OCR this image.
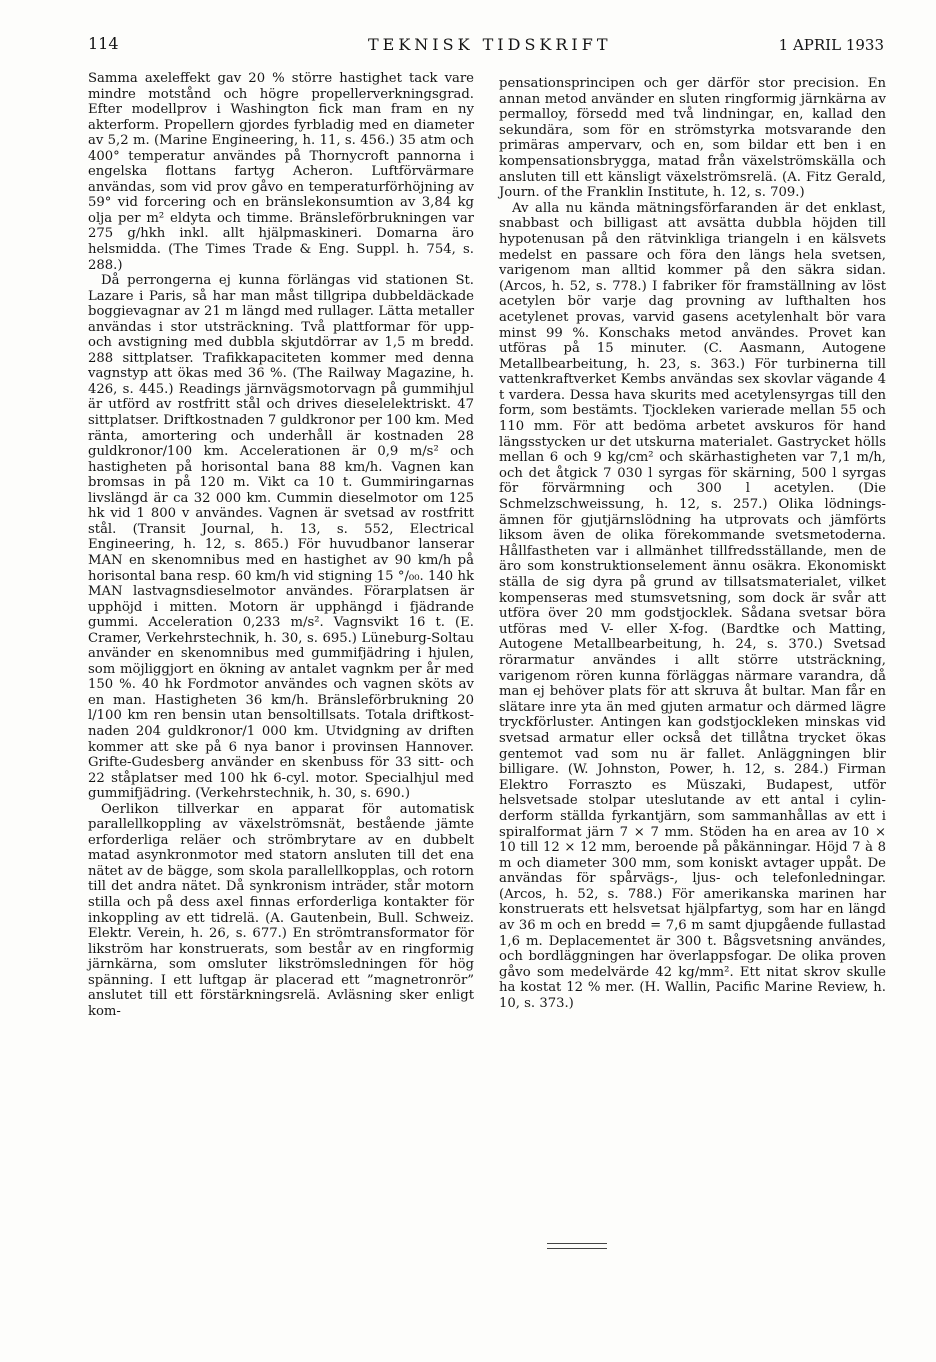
114	TEKNISK TIDSKRIFT	1 APRIL 1933

Samma axeleffekt gav 20 % större hastighet tack vare mindre motstånd och högre propellerverkningsgrad. Efter modellprov i Washington fick man fram en ny akterform. Propellern gjordes fyrbladig med en diameter av 5,2 m. (Marine Engineering, h. 11, s. 456.) 35 atm och 400° temperatur användes på Thornycroft pannorna i engelska flottans fartyg Acheron. Luftförvärmare användas, som vid prov gåvo en temperaturförhöjning av 59° vid forcering och en bränslekonsumtion av 3,84 kg olja per m² eldyta och timme. Bränsleförbrukningen var 275 g/hkh inkl. allt hjälpmaskineri. Domarna äro helsmidda. (The Times Trade & Eng. Suppl. h. 754, s. 288.)

Då perrongerna ej kunna förlängas vid stationen St. Lazare i Paris, så har man måst tillgripa dubbeldäckade boggievagnar av 21 m längd med rullager. Lätta metaller användas i stor utsträckning. Två plattformar för upp- och avstigning med dubbla skjutdörrar av 1,5 m bredd. 288 sittplatser. Trafikkapaciteten kommer med denna vagnstyp att ökas med 36 %. (The Railway Magazine, h. 426, s. 445.) Readings järnvägsmotorvagn på gummihjul är utförd av rostfritt stål och drives dieselelektriskt. 47 sittplatser. Driftkostnaden 7 guldkronor per 100 km. Med ränta, amortering och underhåll är kostnaden 28 guldkronor/100 km. Accelerationen är 0,9 m/s² och hastigheten på horisontal bana 88 km/h. Vagnen kan bromsas in på 120 m. Vikt ca 10 t. Gummiringarnas livslängd är ca 32 000 km. Cummin dieselmotor om 125 hk vid 1 800 v användes. Vagnen är svetsad av rostfritt stål. (Transit Journal, h. 13, s. 552, Electrical Engineering, h. 12, s. 865.) För huvudbanor lanserar MAN en skenomnibus med en hastighet av 90 km/h på horisontal bana resp. 60 km/h vid stigning 15 °/₀₀. 140 hk MAN lastvagnsdieselmotor användes. Förarplatsen är upphöjd i mitten. Motorn är upphängd i fjädrande gummi. Acceleration 0,233 m/s². Vagnsvikt 16 t. (E. Cramer, Verkehrstechnik, h. 30, s. 695.) Lüneburg-Soltau använder en skenomnibus med gummifjädring i hjulen, som möjliggjort en ökning av antalet vagnkm per år med 150 %. 40 hk Fordmotor användes och vagnen sköts av en man. Hastigheten 36 km/h. Bränsleförbrukning 20 l/100 km ren bensin utan bensoltillsats. Totala driftkostnaden 204 guldkronor/1 000 km. Utvidgning av driften kommer att ske på 6 nya banor i provinsen Hannover. Grifte-Gudesberg använder en skenbuss för 33 sitt- och 22 ståplatser med 100 hk 6-cyl. motor. Specialhjul med gummifjädring. (Verkehrstechnik, h. 30, s. 690.)

Oerlikon tillverkar en apparat för automatisk parallellkoppling av växelströmsnät, bestående jämte erforderliga reläer och strömbrytare av en dubbelt matad asynkronmotor med statorn ansluten till det ena nätet av de bägge, som skola parallellkopplas, och rotorn till det andra nätet. Då synkronism inträder, står motorn stilla och på dess axel finnas erforderliga kontakter för inkoppling av ett tidrelä. (A. Gautenbein, Bull. Schweiz. Elektr. Verein, h. 26, s. 677.) En strömtransformator för likström har konstruerats, som består av en ringformig järnkärna, som omsluter likströmsledningen för hög spänning. I ett luftgap är placerad ett ”magnetronrör” anslutet till ett förstärkningsrelä. Avläsning sker enligt kom-

pensationsprincipen och ger därför stor precision. En annan metod använder en sluten ringformig järnkärna av permalloy, försedd med två lindningar, en, kallad den sekundära, som för en strömstyrka motsvarande den primäras ampervarv, och en, som bildar ett ben i en kompensationsbrygga, matad från växelströmskälla och ansluten till ett känsligt växelströmsrelä. (A. Fitz Gerald, Journ. of the Franklin Institute, h. 12, s. 709.)

Av alla nu kända mätningsförfaranden är det enklast, snabbast och billigast att avsätta dubbla höjden till hypotenusan på den rätvinkliga triangeln i en kälsvets medelst en passare och föra den längs hela svetsen, varigenom man alltid kommer på den säkra sidan. (Arcos, h. 52, s. 778.) I fabriker för framställning av löst acetylen bör varje dag provning av lufthalten hos acetylenet provas, varvid gasens acetylenhalt bör vara minst 99 %. Konschaks metod användes. Provet kan utföras på 15 minuter. (C. Aasmann, Autogene Metallbearbeitung, h. 23, s. 363.) För turbinerna till vattenkraftverket Kembs användas sex skovlar vägande 4 t vardera. Dessa hava skurits med acetylensyrgas till den form, som bestämts. Tjockleken varierade mellan 55 och 110 mm. För att bedöma arbetet avskuros för hand längsstycken ur det utskurna materialet. Gastrycket hölls mellan 6 och 9 kg/cm² och skärhastigheten var 7,1 m/h, och det åtgick 7 030 l syrgas för skärning, 500 l syrgas för förvärmning och 300 l acetylen. (Die Schmelzschweissung, h. 12, s. 257.) Olika lödningsämnen för gjutjärnslödning ha utprovats och jämförts liksom även de olika förekommande svetsmetoderna. Hållfastheten var i allmänhet tillfredsställande, men de äro som konstruktionselement ännu osäkra. Ekonomiskt ställa de sig dyra på grund av tillsatsmaterialet, vilket kompenseras med stumsvetsning, som dock är svår att utföra över 20 mm godstjocklek. Sådana svetsar böra utföras med V- eller X-fog. (Bardtke och Matting, Autogene Metallbearbeitung, h. 24, s. 370.) Svetsad rörarmatur användes i allt större utsträckning, varigenom rören kunna förläggas närmare varandra, då man ej behöver plats för att skruva åt bultar. Man får en slätare inre yta än med gjuten armatur och därmed lägre tryckförluster. Antingen kan godstjockleken minskas vid svetsad armatur eller också det tillåtna trycket ökas gentemot vad som nu är fallet. Anläggningen blir billigare. (W. Johnston, Power, h. 12, s. 284.) Firman Elektro Forraszto es Müszaki, Budapest, utför helsvetsade stolpar uteslutande av ett antal i cylinderform ställda fyrkantjärn, som sammanhållas av ett i spiralformat järn 7 × 7 mm. Stöden ha en area av 10 × 10 till 12 × 12 mm, beroende på påkänningar. Höjd 7 à 8 m och diameter 300 mm, som koniskt avtager uppåt. De användas för spårvägs-, ljus- och telefonledningar. (Arcos, h. 52, s. 788.) För amerikanska marinen har konstruerats ett helsvetsat hjälpfartyg, som har en längd av 36 m och en bredd = 7,6 m samt djupgående fullastad 1,6 m. Deplacementet är 300 t. Bågsvetsning användes, och bordläggningen har överlappsfogar. De olika proven gåvo som medelvärde 42 kg/mm². Ett nitat skrov skulle ha kostat 12 % mer. (H. Wallin, Pacific Marine Review, h. 10, s. 373.)
